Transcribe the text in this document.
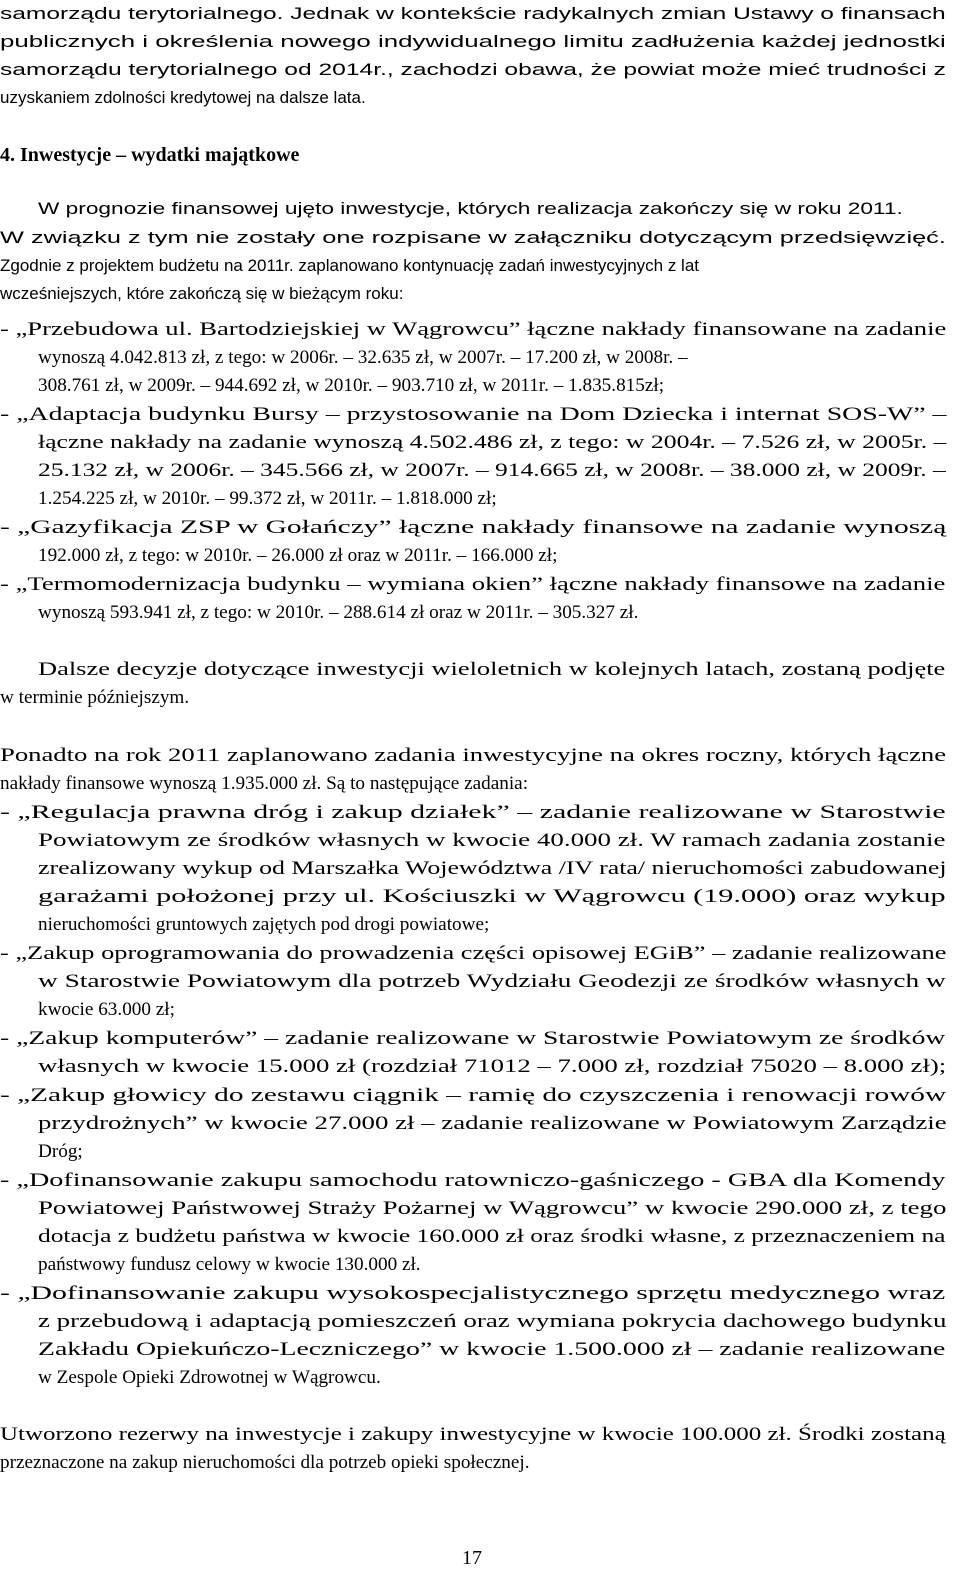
samorządu terytorialnego. Jednak w kontekście radykalnych zmian Ustawy o finansach
publicznych i określenia nowego indywidualnego limitu zadłużenia każdej jednostki
samorządu terytorialnego od 2014r., zachodzi obawa, że powiat może mieć trudności z
uzyskaniem zdolności kredytowej na dalsze lata.
W prognozie finansowej ujęto inwestycje, których realizacja zakończy się w roku 2011.
W związku z tym nie zostały one rozpisane w załączniku dotyczącym przedsięwzięć.
Zgodnie z projektem budżetu na 2011r. zaplanowano kontynuację zadań inwestycyjnych z lat
wcześniejszych, które zakończą się w bieżącym roku:
- „Przebudowa ul. Bartodziejskiej w Wągrowcu” łączne nakłady finansowane na zadanie
wynoszą 4.042.813 zł, z tego: w 2006r. – 32.635 zł, w 2007r. – 17.200 zł, w 2008r. –
308.761 zł, w 2009r. – 944.692 zł, w 2010r. – 903.710 zł, w 2011r. – 1.835.815zł;
- „Adaptacja budynku Bursy – przystosowanie na Dom Dziecka i internat SOS-W” –
łączne nakłady na zadanie wynoszą 4.502.486 zł, z tego: w 2004r. – 7.526 zł, w 2005r. –
25.132 zł, w 2006r. – 345.566 zł, w 2007r. – 914.665 zł, w 2008r. – 38.000 zł, w 2009r. –
1.254.225 zł, w 2010r. – 99.372 zł, w 2011r. – 1.818.000 zł;
- „Gazyfikacja ZSP w Gołańczy” łączne nakłady finansowe na zadanie wynoszą
192.000 zł, z tego: w 2010r. – 26.000 zł oraz w 2011r. – 166.000 zł;
- „Termomodernizacja budynku – wymiana okien” łączne nakłady finansowe na zadanie
wynoszą 593.941 zł, z tego: w 2010r. – 288.614 zł oraz w 2011r. – 305.327 zł.
Dalsze decyzje dotyczące inwestycji wieloletnich w kolejnych latach, zostaną podjęte
w terminie późniejszym.
Ponadto na rok 2011 zaplanowano zadania inwestycyjne na okres roczny, których łączne
nakłady finansowe wynoszą 1.935.000 zł. Są to następujące zadania:
- „Regulacja prawna dróg i zakup działek” – zadanie realizowane w Starostwie
Powiatowym ze środków własnych w kwocie 40.000 zł. W ramach zadania zostanie
zrealizowany wykup od Marszałka Województwa /IV rata/ nieruchomości zabudowanej
garażami położonej przy ul. Kościuszki w Wągrowcu (19.000) oraz wykup
nieruchomości gruntowych zajętych pod drogi powiatowe;
- „Zakup oprogramowania do prowadzenia części opisowej EGiB” – zadanie realizowane
w Starostwie Powiatowym dla potrzeb Wydziału Geodezji ze środków własnych w
kwocie 63.000 zł;
- „Zakup komputerów” – zadanie realizowane w Starostwie Powiatowym ze środków
własnych w kwocie 15.000 zł (rozdział 71012 – 7.000 zł, rozdział 75020 – 8.000 zł);
- „Zakup głowicy do zestawu ciągnik – ramię do czyszczenia i renowacji rowów
przydrożnych” w kwocie 27.000 zł – zadanie realizowane w Powiatowym Zarządzie
Dróg;
- „Dofinansowanie zakupu samochodu ratowniczo-gaśniczego - GBA dla Komendy
Powiatowej Państwowej Straży Pożarnej w Wągrowcu” w kwocie 290.000 zł, z tego
dotacja z budżetu państwa w kwocie 160.000 zł oraz środki własne, z przeznaczeniem na
państwowy fundusz celowy w kwocie 130.000 zł.
- „Dofinansowanie zakupu wysokospecjalistycznego sprzętu medycznego wraz
z przebudową i adaptacją pomieszczeń oraz wymiana pokrycia dachowego budynku
Zakładu Opiekuńczo-Leczniczego” w kwocie 1.500.000 zł – zadanie realizowane
w Zespole Opieki Zdrowotnej w Wągrowcu.
Utworzono rezerwy na inwestycje i zakupy inwestycyjne w kwocie 100.000 zł. Środki zostaną
przeznaczone na zakup nieruchomości dla potrzeb opieki społecznej.
4. Inwestycje – wydatki majątkowe
17
